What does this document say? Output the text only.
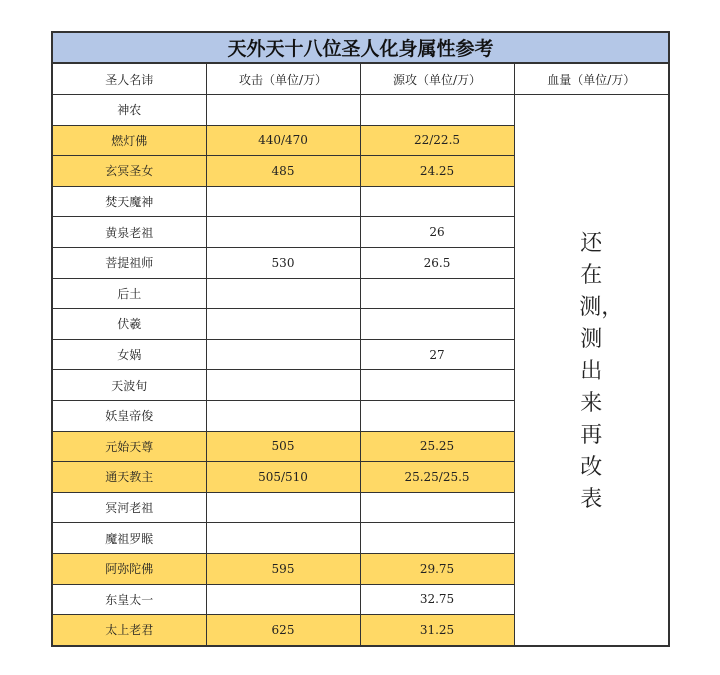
天外天十八位圣人化身属性参考			
圣人名讳	攻击（单位/万）	源攻（单位/万）	血量（单位/万）
神农			还在测，测出来再改表

燃灯佛	440/470	22/22.5	
玄冥圣女	485	24.25	
焚天魔神			
黄泉老祖		26	
菩提祖师	530	26.5	
后土			
伏羲			
女娲		27	
天波旬			
妖皇帝俊			
元始天尊	505	25.25	
通天教主	505/510	25.25/25.5	
冥河老祖			
魔祖罗睺			
阿弥陀佛	595	29.75	
东皇太一		32.75	
太上老君	625	31.25	
